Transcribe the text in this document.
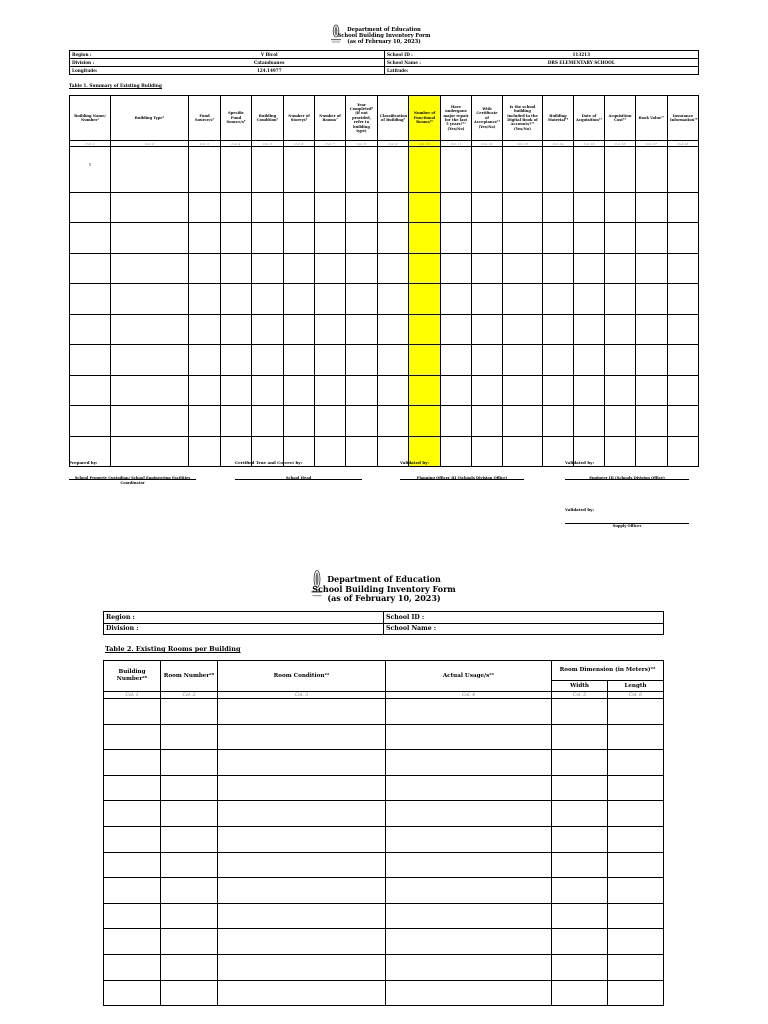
Department of Education
School Building Inventory Form
(as of February 10, 2023)
Region :	V Bicol	School ID :	113213
Division :	Catanduanes	School Name :	DRS ELEMENTARY SCHOOL
Longitude:	124.14977	Latitude:	
Table 1. Summary of Existing Building
Building Name/ Number¹	Building Type²	Fund Source/s³	Specific Fund Source/s⁴	Building Condition⁵	Number of Storeys⁶	Number of Rooms⁷	Year Completed⁸ (if not provided, refer to building type)	Classification of Building⁹	Number of Functional Rooms¹⁰	Have undergone major repair for the last 5 years?¹¹ (Yes/No)	With Certificate of Acceptance¹² (Yes/No)	Is the school building included in the Digital Book of Accounts?¹³ (Yes/No)	Building Material¹⁴	Date of Acquisition¹⁵	Acquisition Cost¹⁶	Book Value¹⁷	Insurance Information¹⁸
Col. 1	Col. 2	Col. 3	Col. 4	Col. 5	Col. 6	Col. 7	Col. 8	Col. 9	Col. 10	Col. 11	Col. 12	Col. 13	Col. 14	Col. 15	Col. 16	Col. 17	Col. 18
1																	

Prepared by:	Certified True and Correct by:	Validated by:	Validated by:
School Property Custodian/ School Engineering Facilities Coordinator
School Head	Planning Officer III (Schools Division Office)	Engineer III (Schools Division Office)
Validated by:
Supply Officer
Department of Education
School Building Inventory Form
(as of February 10, 2023)
Region :	School ID :
Division :	School Name :
Table 2. Existing Rooms per Building
Building Number²⁰	Room Number²⁰	Room Condition²¹	Actual Usage/s²¹	Room Dimension (in Meters)²²	
				Width	Length
Col. 1	Col. 2	Col. 3	Col. 4	Col. 5	Col. 6
